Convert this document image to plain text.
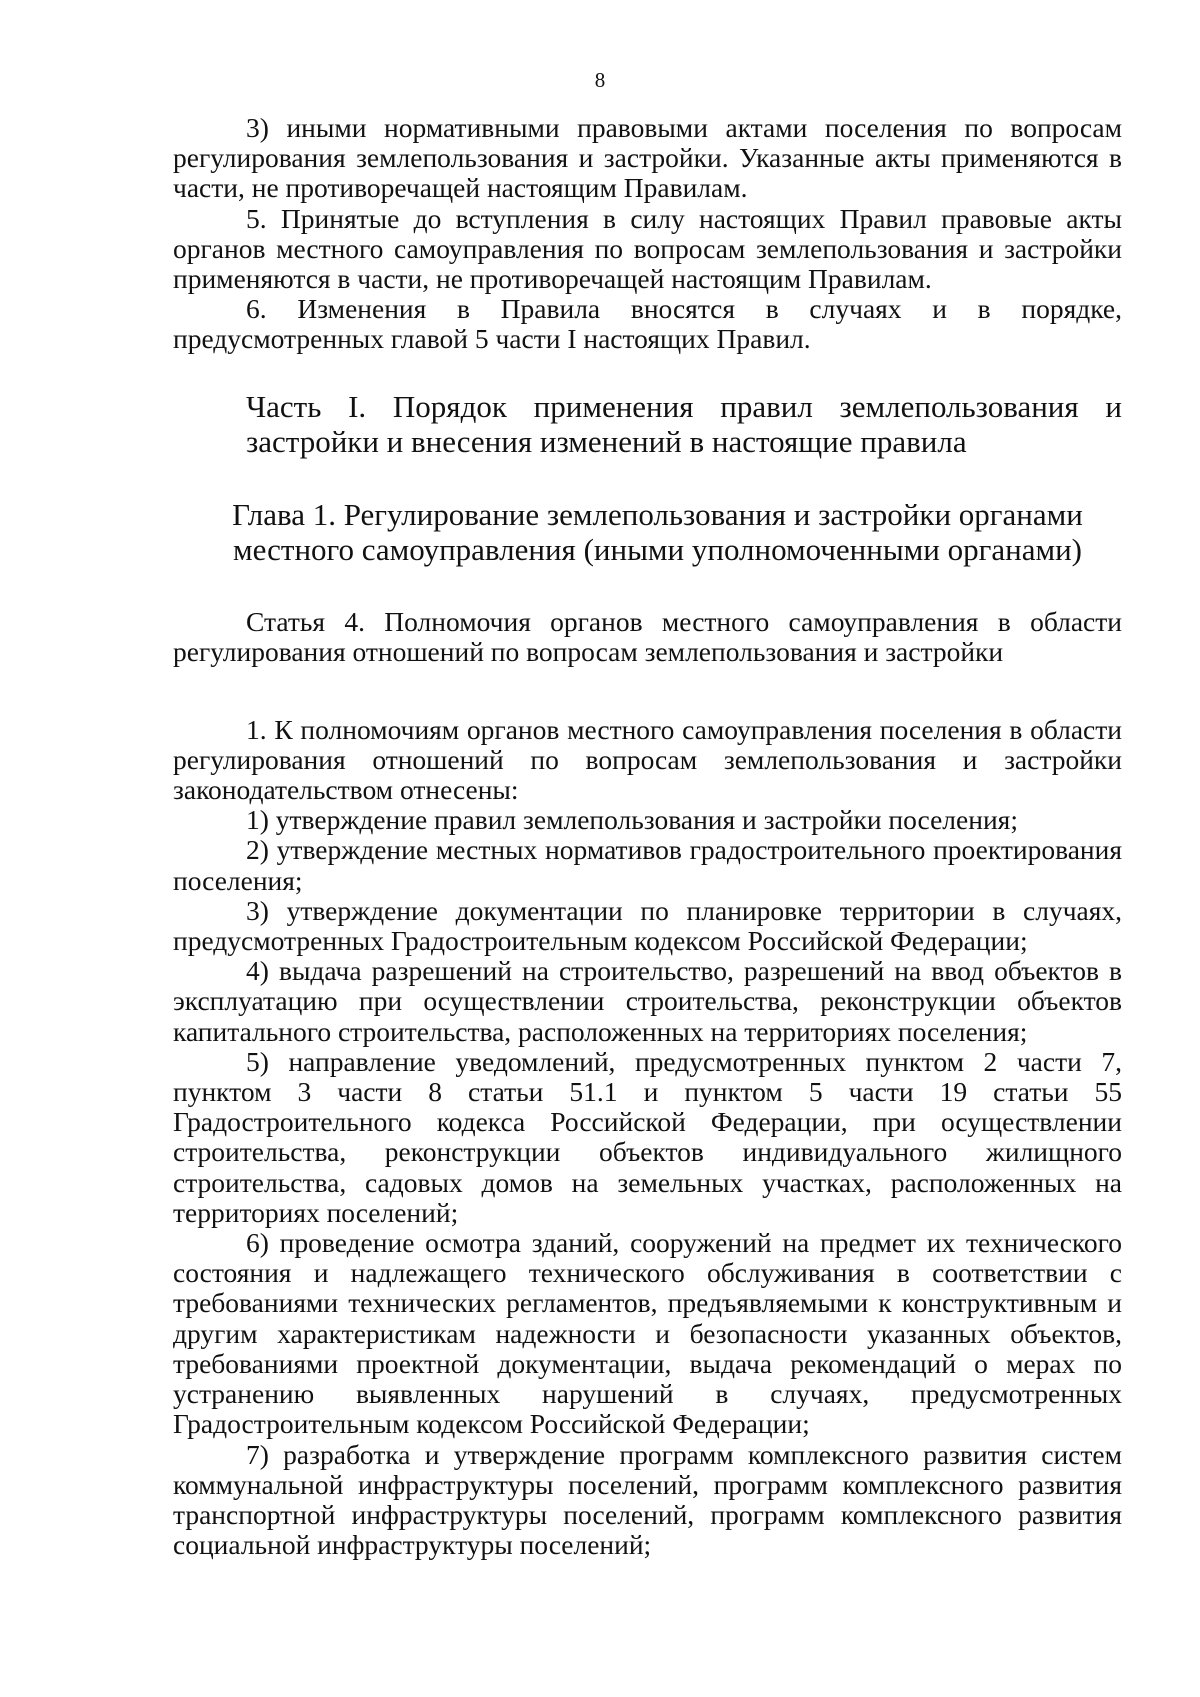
8

3) иными нормативными правовыми актами поселения по вопросам регулирования землепользования и застройки. Указанные акты применяются в части, не противоречащей настоящим Правилам.

5. Принятые до вступления в силу настоящих Правил правовые акты органов местного самоуправления по вопросам землепользования и застройки применяются в части, не противоречащей настоящим Правилам.

6. Изменения в Правила вносятся в случаях и в порядке, предусмотренных главой 5 части I настоящих Правил.

Часть I. Порядок применения правил землепользования и застройки и внесения изменений в настоящие правила
Глава 1. Регулирование землепользования и застройки органами местного самоуправления (иными уполномоченными органами)
Статья 4. Полномочия органов местного самоуправления в области регулирования отношений по вопросам землепользования и застройки

1. К полномочиям органов местного самоуправления поселения в области регулирования отношений по вопросам землепользования и застройки законодательством отнесены:

1) утверждение правил землепользования и застройки поселения;

2) утверждение местных нормативов градостроительного проектирования поселения;

3) утверждение документации по планировке территории в случаях, предусмотренных Градостроительным кодексом Российской Федерации;

4) выдача разрешений на строительство, разрешений на ввод объектов в эксплуатацию при осуществлении строительства, реконструкции объектов капитального строительства, расположенных на территориях поселения;

5) направление уведомлений, предусмотренных пунктом 2 части 7, пунктом 3 части 8 статьи 51.1 и пунктом 5 части 19 статьи 55 Градостроительного кодекса Российской Федерации, при осуществлении строительства, реконструкции объектов индивидуального жилищного строительства, садовых домов на земельных участках, расположенных на территориях поселений;

6) проведение осмотра зданий, сооружений на предмет их технического состояния и надлежащего технического обслуживания в соответствии с требованиями технических регламентов, предъявляемыми к конструктивным и другим характеристикам надежности и безопасности указанных объектов, требованиями проектной документации, выдача рекомендаций о мерах по устранению выявленных нарушений в случаях, предусмотренных Градостроительным кодексом Российской Федерации;

7) разработка и утверждение программ комплексного развития систем коммунальной инфраструктуры поселений, программ комплексного развития транспортной инфраструктуры поселений, программ комплексного развития социальной инфраструктуры поселений;
